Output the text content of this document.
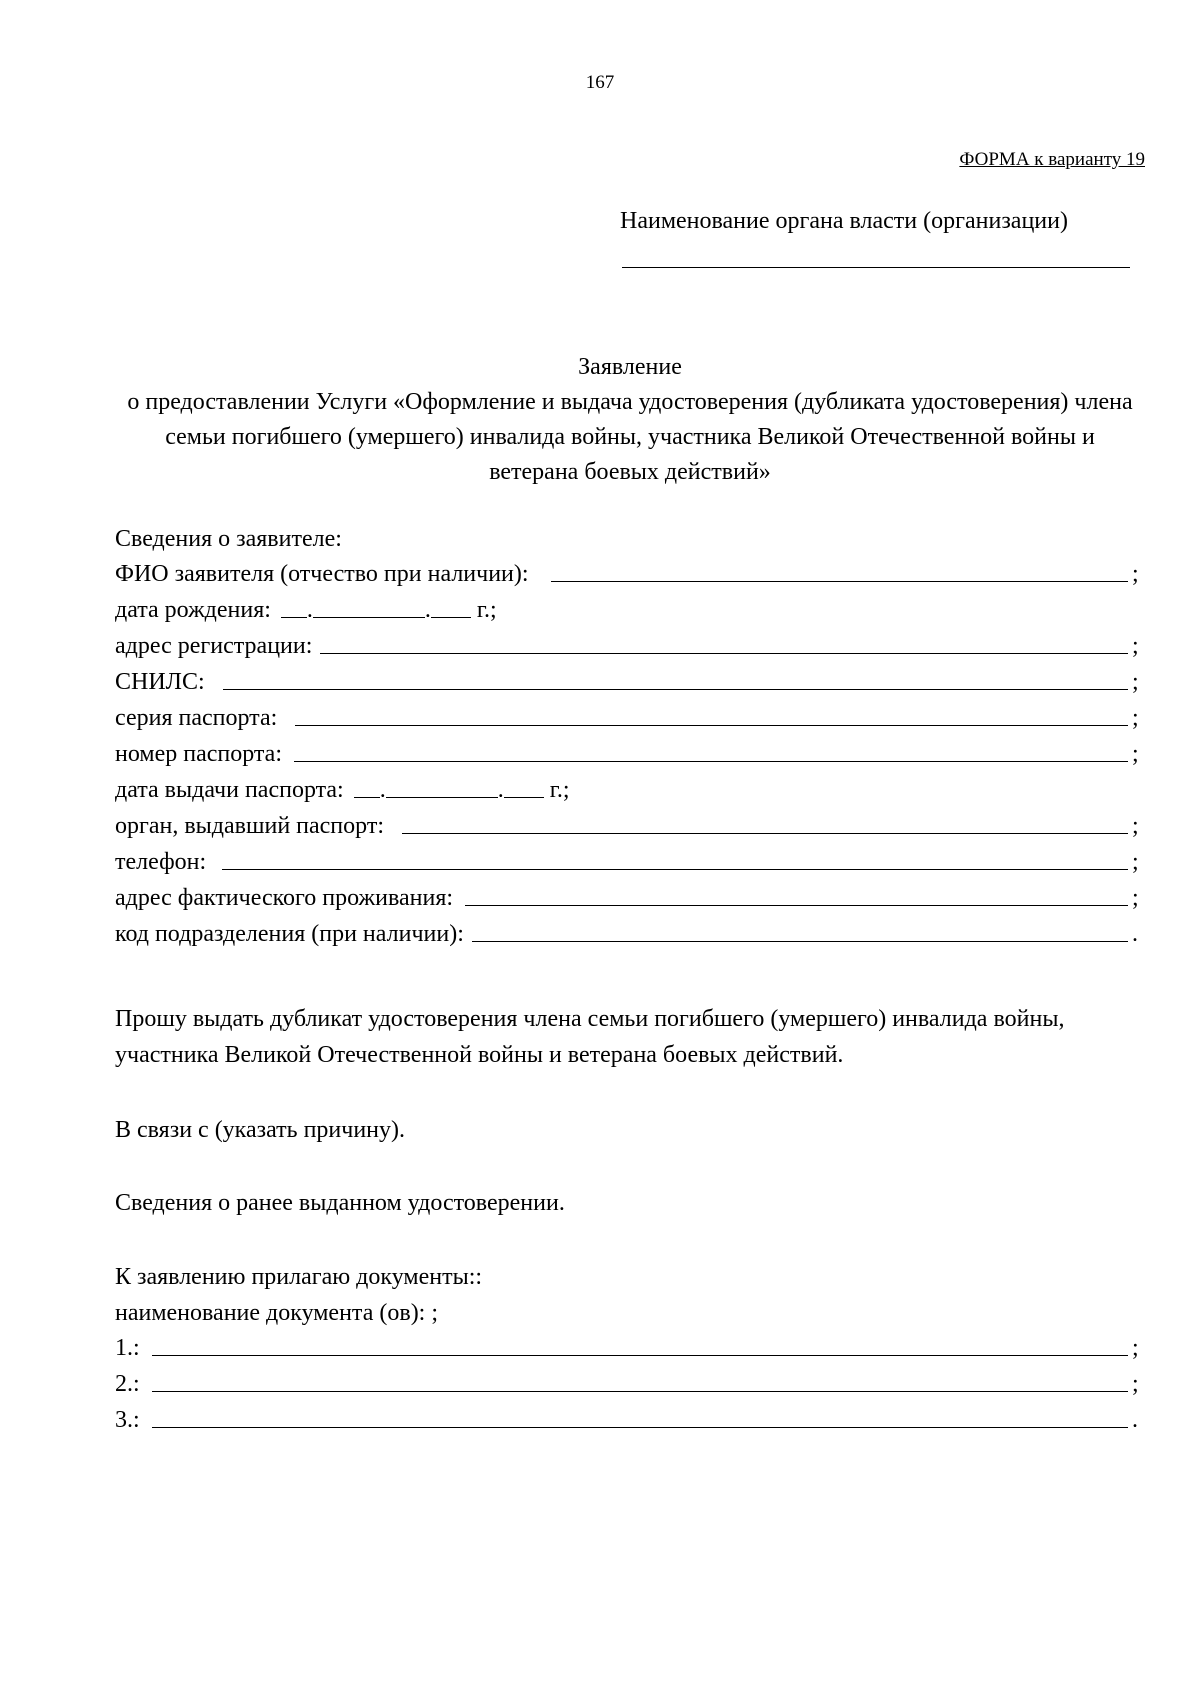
167
ФОРМА к варианту 19
Наименование органа власти (организации)
Заявление
о предоставлении Услуги «Оформление и выдача удостоверения (дубликата удостоверения) члена
семьи погибшего (умершего) инвалида войны, участника Великой Отечественной войны и
ветерана боевых действий»
Сведения о заявителе:
ФИО заявителя (отчество при наличии):	;
дата рождения: .	. г.;
адрес регистрации:	;
СНИЛС:	;
серия паспорта:	;
номер паспорта:	;
дата выдачи паспорта: .	. г.;
орган, выдавший паспорт:	;
телефон:	;
адрес фактического проживания:	;
код подразделения (при наличии):	.
Прошу выдать дубликат удостоверения члена семьи погибшего (умершего) инвалида войны,
участника Великой Отечественной войны и ветерана боевых действий.
В связи с (указать причину).
Сведения о ранее выданном удостоверении.
К заявлению прилагаю документы::
наименование документа (ов): ;
1.:	;
2.:	;
3.:	.
